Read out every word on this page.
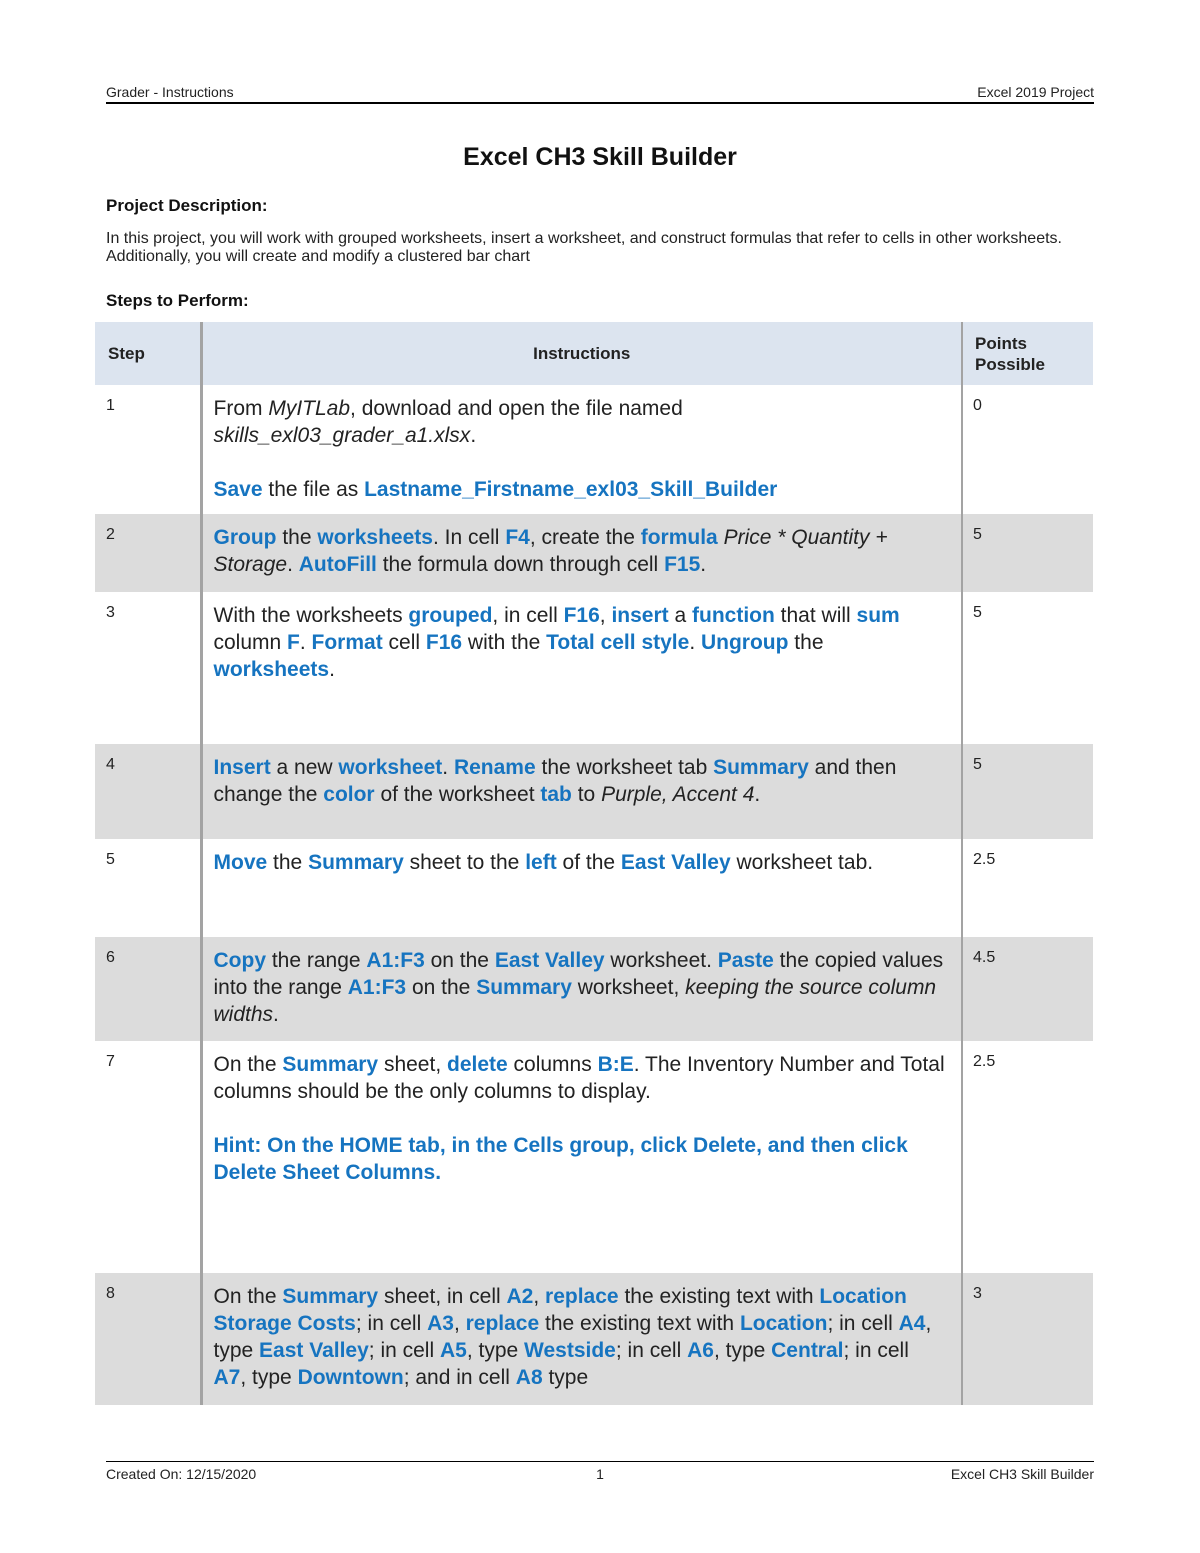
Grader - Instructions	Excel 2019 Project
Excel CH3 Skill Builder
Project Description:
In this project, you will work with grouped worksheets, insert a worksheet, and construct formulas that refer to cells in other worksheets. Additionally, you will create and modify a clustered bar chart
Steps to Perform:
Step	Instructions	Points
Possible
1	From MyITLab, download and open the file named skills_exl03_grader_a1.xlsx.
Save the file as Lastname_Firstname_exl03_Skill_Builder	0
2	Group the worksheets. In cell F4, create the formula Price * Quantity + Storage. AutoFill the formula down through cell F15.	5
3	With the worksheets grouped, in cell F16, insert a function that will sum column F. Format cell F16 with the Total cell style. Ungroup the worksheets.	5
4	Insert a new worksheet. Rename the worksheet tab Summary and then change the color of the worksheet tab to Purple, Accent 4.	5
5	Move the Summary sheet to the left of the East Valley worksheet tab.	2.5
6	Copy the range A1:F3 on the East Valley worksheet. Paste the copied values into the range A1:F3 on the Summary worksheet, keeping the source column widths.	4.5
7	On the Summary sheet, delete columns B:E. The Inventory Number and Total columns should be the only columns to display.
Hint: On the HOME tab, in the Cells group, click Delete, and then click Delete Sheet Columns.	2.5
8	On the Summary sheet, in cell A2, replace the existing text with Location Storage Costs; in cell A3, replace the existing text with Location; in cell A4, type East Valley; in cell A5, type Westside; in cell A6, type Central; in cell A7, type Downtown; and in cell A8 type	3
Created On: 12/15/2020	1	Excel CH3 Skill Builder
